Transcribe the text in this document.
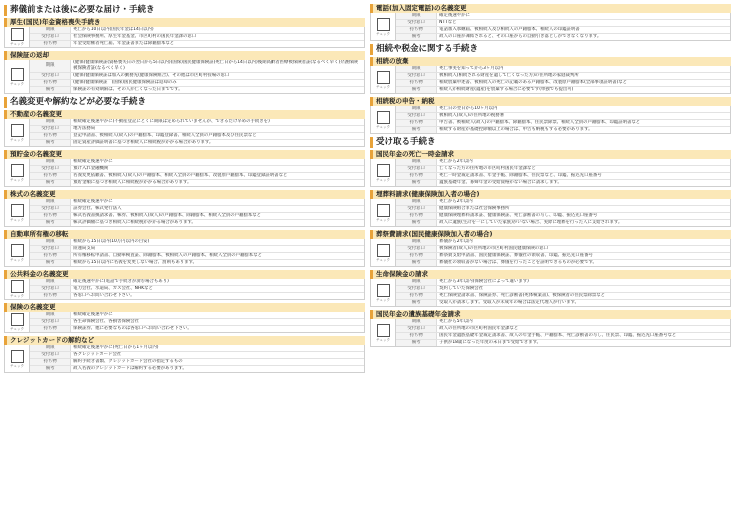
葬儀前または後に必要な届け・手続き
厚生(国民)年金資格喪失手続き
チェック
期限	死亡から10日以内(国民年金は14日以内)
受付窓口	社会保険事務所、厚生年金基金、市区町村の国民年金課の窓口
持ち物	年金受給権者死亡届、年金証書または除籍謄本など
保険証の返却
チェック
期限	(健保)健康保険証(資格喪失日の翌日から5日以内)(国保)国民健康保険証(死亡日から14日以内)後期高齢者医療被保険者証(なるべく早く)介護保険被保険者証(なるべく早く)
受付窓口	(健保)健康保険証は加入の勤務先(健康保険組合)、その他は市区町村役場の窓口
持ち物	(健保)健康保険証　(国保)国民健康保険証は返却のみ
備考	保険証の有効期限は、その人が亡くなった日までです。
名義変更や解約などが必要な手続き
不動産の名義変更
チェック
期限	相続確定後速やかに(不動産登記にとくに期限は定められていませんが、できるだけ早めの手続きを)
受付窓口	地方法務局
持ち物	登記申請書、被相続人(故人)の戸籍謄本、印鑑登録書、相続人全員の戸籍謄本及び住民票など
備考	固定資産評価証明書に基づき相続人に相続税がかかる場合があります。
預貯金の名義変更
チェック
期限	相続確定後速やかに
受付窓口	預け入れ金融機関
持ち物	名義変更依頼書、被相続人(故人)の戸籍謄本、相続人全員の戸籍謄本、改製原戸籍謄本、印鑑登録証明書など
備考	預貯金額に基づき相続人に相続税がかかる場合があります。
株式の名義変更
チェック
期限	相続確定後速やかに
受付窓口	証券会社、株式発行法人
持ち物	株式名義書換請求書、株券、被相続人(故人)の戸籍謄本、除籍謄本、相続人全員の戸籍謄本など
備考	株式評価額に基づき相続人に相続税がかかる場合があります。
自動車所有権の移転
チェック
期限	相続から15日以内(10万円以内の目安)
受付窓口	陸運局支局
持ち物	所有権移転申請書、自動車検査証、除籍謄本、被相続人の戸籍謄本、相続人全員の戸籍謄本など
備考	相続から15日以内に名義を変更しない場合、罰則もあります。
公共料金の名義変更
チェック
期限	確定後速やかに(電話で手続きが済む場合もあり)
受付窓口	電力会社、水道局、ガス会社、NHKなど
持ち物	各窓口へお問い合わせ下さい。
保険の名義変更
チェック
期限	相続確定後速やかに
受付窓口	各生命保険会社、各損害保険会社
持ち物	保険証券、他に必要なものは各窓口へお問い合わせ下さい。
クレジットカードの解約など
チェック
期限	相続確定後速やかに(死亡日から1ヶ月以内)
受付窓口	各クレジットカード会社
持ち物	解約手続き書類、クレジットカード会社の指定するもの
備考	故人名義のクレジットカードは解約する必要があります。
電話(加入固定電話)の名義変更
チェック
期限	確定後速やかに
受付窓口	NTTなど
持ち物	電話加入承継届、被相続人及び相続人の戸籍謄本、相続人の印鑑証明書
備考	故人の口座が凍結されると、その口座からの自動引き落としができなくなります。
相続や税金に関する手続き
相続の放棄
チェック
期限	死亡事実を知ってから3ヶ月以内
受付窓口	被相続人(相続される財産を遺して亡くなった方)の住所地の家庭裁判所
持ち物	相続放棄申述書、被相続人の死亡の記載のある戸籍謄本、改製原戸籍謄本(全部事項証明書)など
備考	相続人が相続財産(遺産)を放棄する場合に必要です(単独でも提出可)
相続税の申告・納税
チェック
期限	死亡日の翌日から10ヶ月以内
受付窓口	被相続人(故人)の住所地の税務署
持ち物	申告書、被相続人(故人)の戸籍謄本、除籍謄本、住民票除票、相続人全員の戸籍謄本、印鑑証明書など
備考	相続する財産が基礎控除額以上の場合は、申告も納税もする必要があります。
受け取る手続き
国民年金の死亡一時金請求
チェック
期限	死亡から2年以内
受付窓口	亡くなった方の住所地の市区町村国民年金課など
持ち物	死亡一時金裁定請求書、年金手帳、除籍謄本、住民票など、印鑑、振込先口座番号
備考	遺族基礎年金、寡婦年金の受給資格がない場合に請求します。
埋葬料請求(健康保険加入者の場合)
チェック
期限	死亡から2年以内
受付窓口	健康保険組合または社会保険事務所
持ち物	健康保険埋葬料請求証、健康保険証、死亡診断書の写し、印鑑、振込先口座番号
備考	故人に遺族(生計を一にしていた家族)がいない場合、実際に埋葬を行った人に支給されます。
葬祭費請求(国民健康保険加入者の場合)
チェック
期限	葬儀から2年以内
受付窓口	被保険者(故人)の住所地の市区町村国民健康保険の窓口
持ち物	葬祭費支給申請書、国民健康保険証、葬儀社の領収書、印鑑、振込先口座番号
備考	葬儀社の領収書がない場合は、葬儀を行ったことを証明できるものが必要です。
生命保険金の請求
チェック
期限	死亡から3年以内(保険会社によって違います)
受付窓口	契約していた保険会社
持ち物	死亡保険金請求書、保険証券、死亡診断書(死体検案書)、被保険者の住民票除票など
備考	受取人が請求します。受取人が未成年の場合は法定代理人が行います。
国民年金の遺族基礎年金請求
チェック
期限	死亡から5年以内
受付窓口	故人の住所地の市区町村国民年金課など
持ち物	国民年金遺族基礎年金裁定請求書、故人の年金手帳、戸籍謄本、死亡診断書の写し、住民票、印鑑、振込先口座番号など
備考	子供が18歳になった年度の末日まで受給できます。
